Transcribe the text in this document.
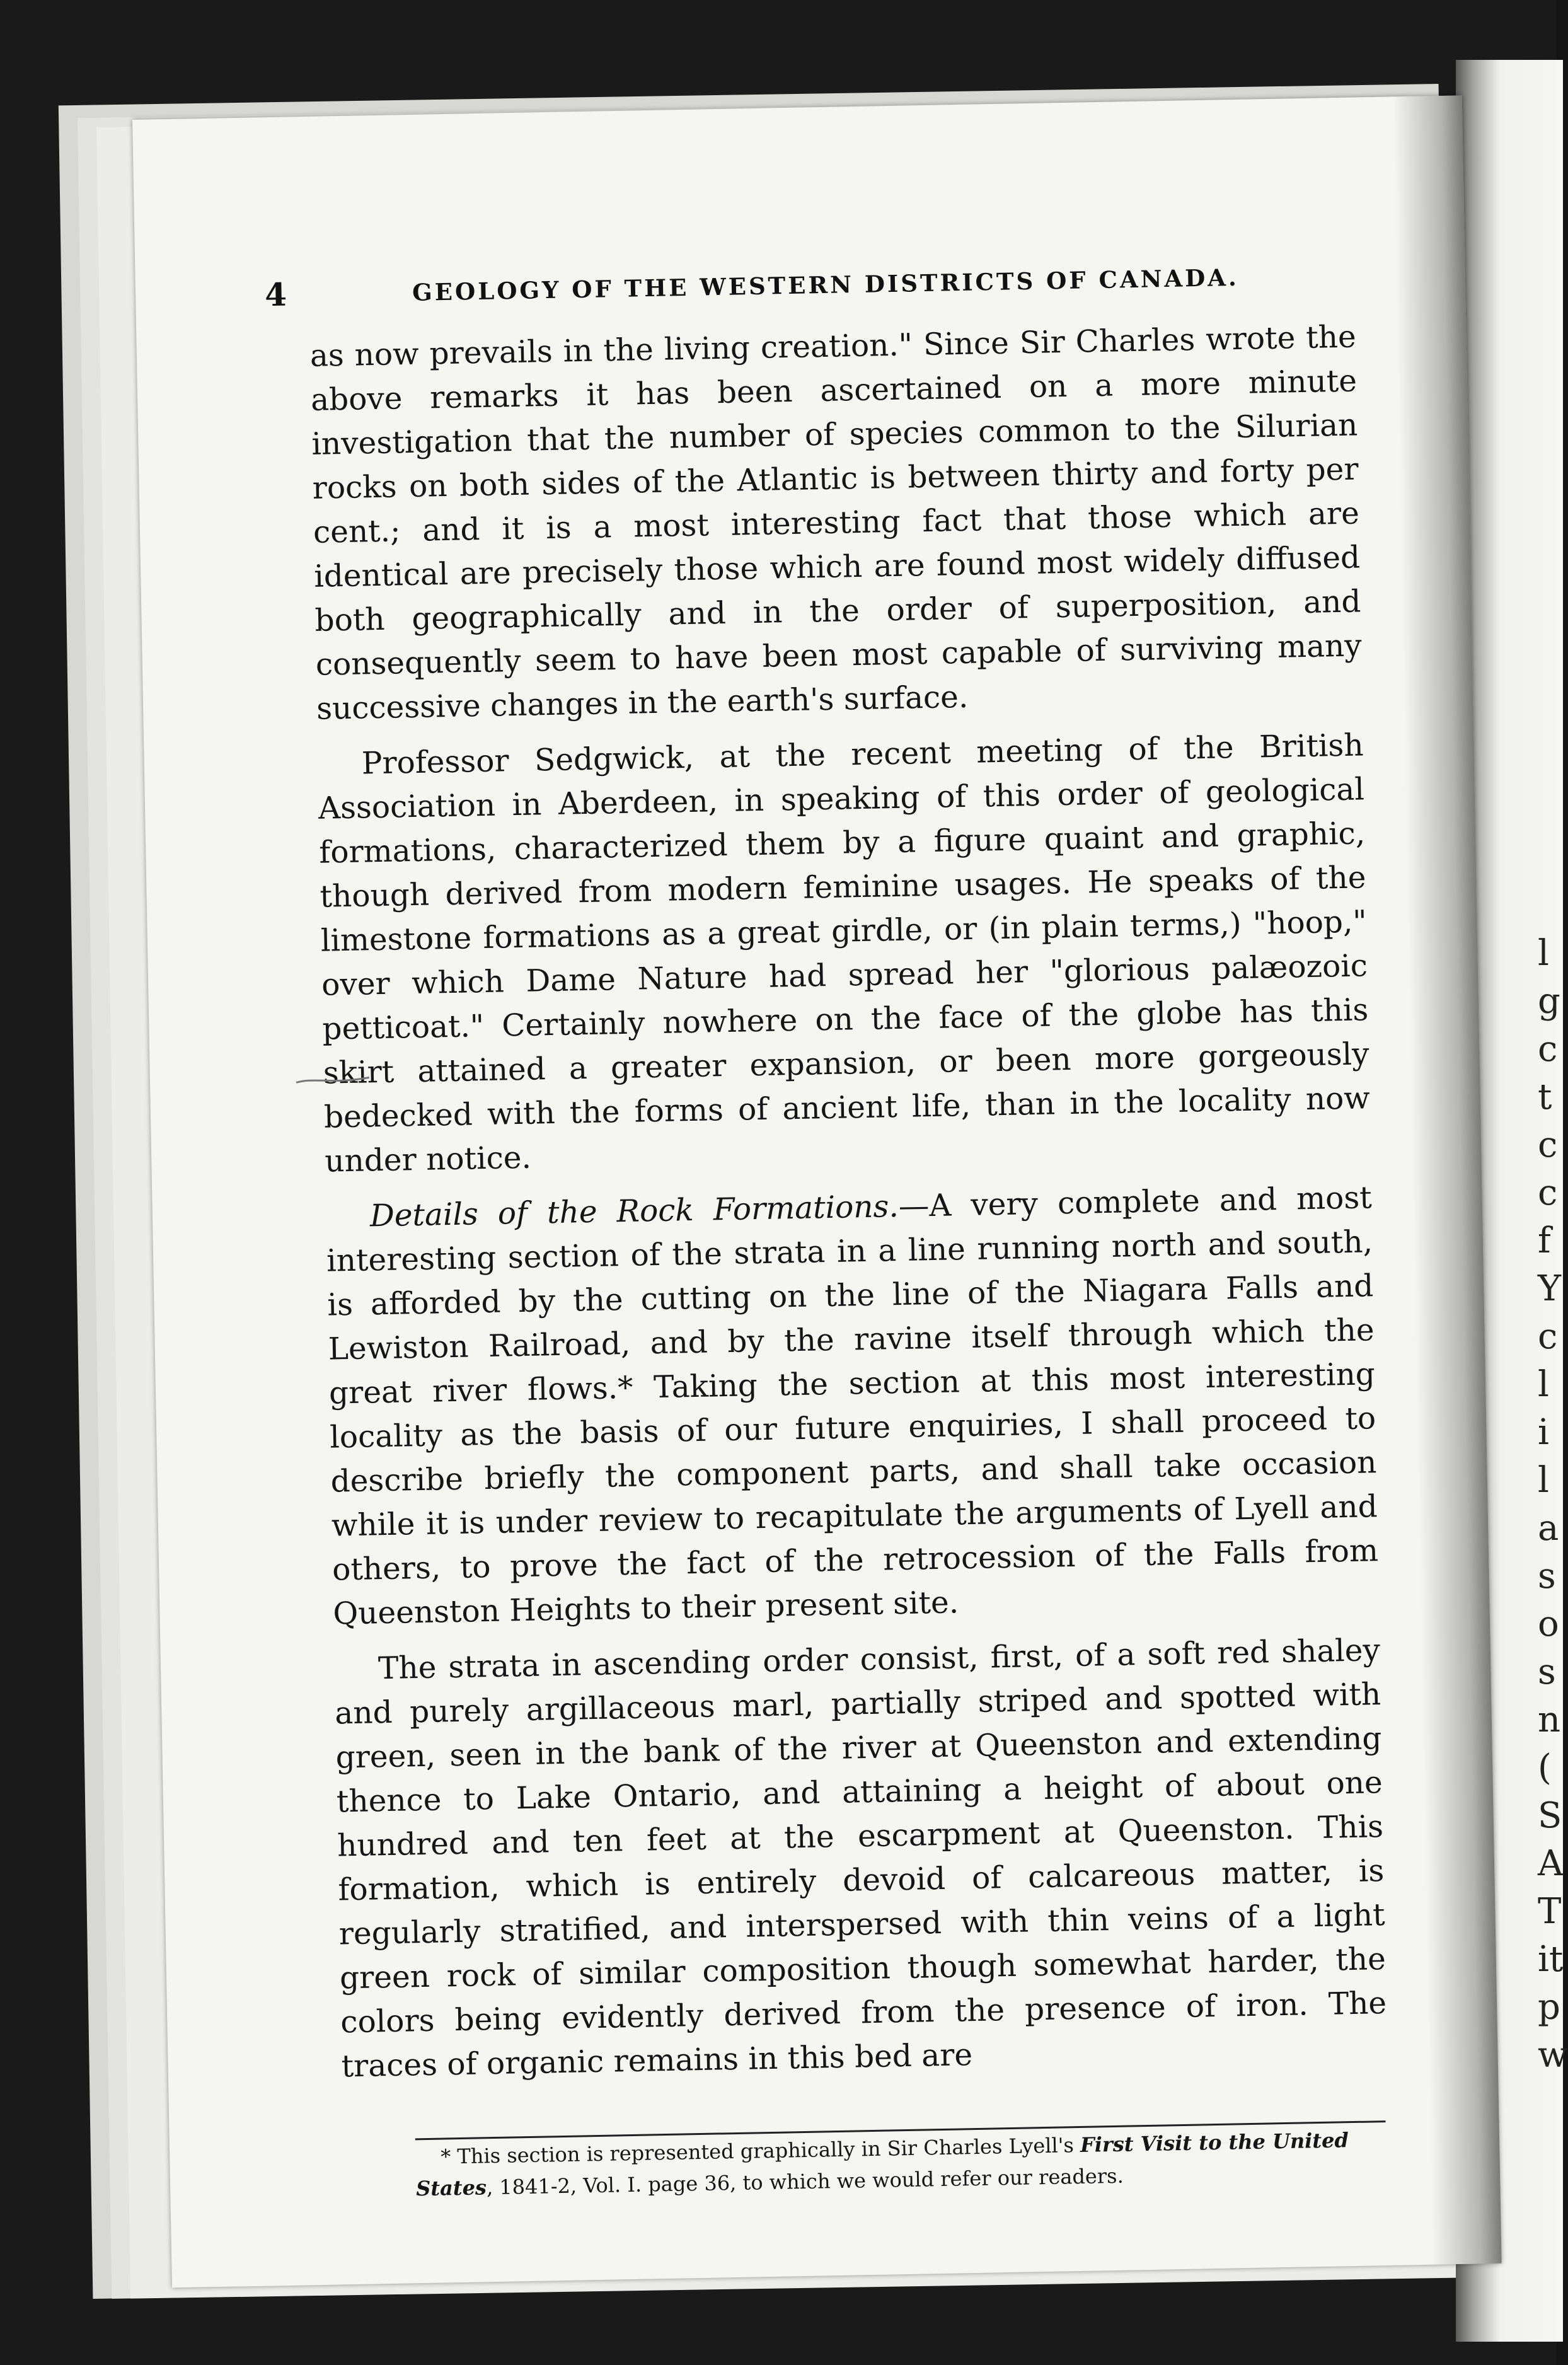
l
g
c
t
c
c
f
Y
c
l
i
l
a
s
o
s
n
(
S
A
T
it
p
w
4	GEOLOGY OF THE WESTERN DISTRICTS OF CANADA.

as now prevails in the living creation." Since Sir Charles wrote the above remarks it has been ascertained on a more minute investigation that the number of species common to the Silurian rocks on both sides of the Atlantic is between thirty and forty per cent.; and it is a most interesting fact that those which are identical are precisely those which are found most widely diffused both geographically and in the order of superposition, and consequently seem to have been most capable of surviving many successive changes in the earth's surface.

Professor Sedgwick, at the recent meeting of the British Association in Aberdeen, in speaking of this order of geological formations, characterized them by a figure quaint and graphic, though derived from modern feminine usages. He speaks of the limestone formations as a great girdle, or (in plain terms,) "hoop," over which Dame Nature had spread her "glorious palæozoic petticoat." Certainly nowhere on the face of the globe has this skirt attained a greater expansion, or been more gorgeously bedecked with the forms of ancient life, than in the locality now under notice.

Details of the Rock Formations.—A very complete and most interesting section of the strata in a line running north and south, is afforded by the cutting on the line of the Niagara Falls and Lewiston Railroad, and by the ravine itself through which the great river flows.* Taking the section at this most interesting locality as the basis of our future enquiries, I shall proceed to describe briefly the component parts, and shall take occasion while it is under review to recapitulate the arguments of Lyell and others, to prove the fact of the retrocession of the Falls from Queenston Heights to their present site.

The strata in ascending order consist, first, of a soft red shaley and purely argillaceous marl, partially striped and spotted with green, seen in the bank of the river at Queenston and extending thence to Lake Ontario, and attaining a height of about one hundred and ten feet at the escarpment at Queenston. This formation, which is entirely devoid of calcareous matter, is regularly stratified, and interspersed with thin veins of a light green rock of similar composition though somewhat harder, the colors being evidently derived from the presence of iron. The traces of organic remains in this bed are

* This section is represented graphically in Sir Charles Lyell's First Visit to the United States, 1841-2, Vol. I. page 36, to which we would refer our readers.
